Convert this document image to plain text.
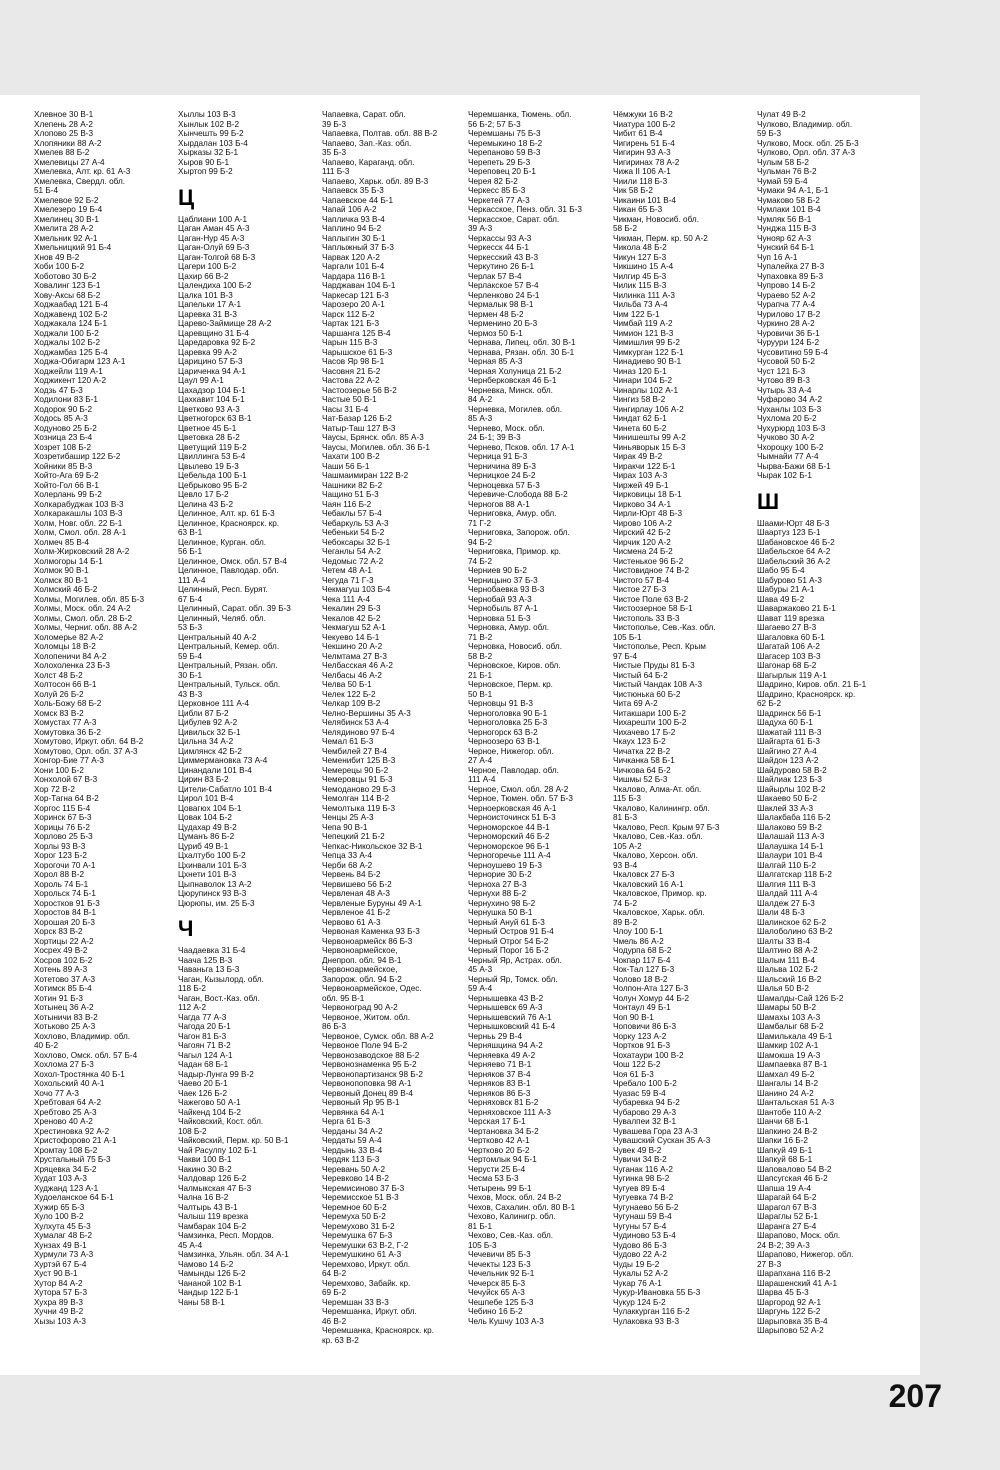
Хлевное 30 В-1
Хлепень 28 А-2
Хлопово 25 В-3
Хлопяники 88 А-2
Хмелев 88 Б-2
Хмелевицы 27 А-4
Хмелевка, Алт. кр. 61 А-3
Хмелевка, Свердл. обл.
51 Б-4
Хмелевое 92 Б-2
Хмелезеро 19 Б-4
Хмелинец 30 В-1
Хмелита 28 А-2
Хмельник 92 А-1
Хмельницкий 91 Б-4
Хнов 49 В-2
Хоби 100 Б-2
Хоботово 30 Б-2
Ховалинг 123 Б-1
Хову-Аксы 68 Б-2
Ходжаабад 121 Б-4
Ходжавенд 102 Б-2
Ходжакала 124 Б-1
Ходжали 100 Б-2
Ходжалы 102 Б-2
Ходжамбаз 125 Б-4
Ходжа-Обигарм 123 А-1
Ходжейли 119 А-1
Ходжикент 120 А-2
Ходзь 47 Б-3
Ходилони 83 Б-1
Ходорок 90 Б-2
Ходось 85 А-3
Ходуново 25 Б-2
Хозница 23 Б-4
Хозрет 108 Б-2
Хозретибашир 122 Б-2
Хойники 85 В-3
Хойто-Ага 69 Б-2
Хойто-Гол 66 В-1
Холерлань 99 Б-2
Холкарабуджак 103 В-3
Холкаракашлы 103 В-3
Холм, Новг. обл. 22 Б-1
Холм, Смол. обл. 28 А-1
Холмеч 85 В-4
Холм-Жирковский 28 А-2
Холмогоры 14 Б-1
Холмок 90 В-1
Холмск 80 В-1
Холмский 46 Б-2
Холмы, Могилев. обл. 85 Б-3
Холмы, Моск. обл. 24 А-2
Холмы, Смол. обл. 28 Б-2
Холмы, Черниг. обл. 88 А-2
Холомерье 82 А-2
Холомцы 18 В-2
Холопеничи 84 А-2
Холохоленка 23 Б-3
Холст 48 Б-2
Холтосон 66 В-1
Холуй 26 Б-2
Холь-Божу 68 Б-2
Хомск 83 В-2
Хомустах 77 А-3
Хомутовка 36 Б-2
Хомутово, Иркут. обл. 64 В-2
Хомутово, Орл. обл. 37 А-3
Хонгор-Бие 77 А-3
Хони 100 Б-2
Хонхолой 67 В-3
Хор 72 В-2
Хор-Тагна 64 В-2
Хоргос 115 Б-4
Хоринск 67 Б-3
Хорицы 76 Б-2
Хорлово 25 Б-3
Хорлы 93 В-3
Хорог 123 Б-2
Хорогочи 70 А-1
Хорол 88 В-2
Хороль 74 Б-1
Хорольск 74 Б-1
Хоростков 91 Б-3
Хоростов 84 В-1
Хорошая 20 Б-3
Хорск 83 В-2
Хортицы 22 А-2
Хосрех 49 В-2
Хосров 102 Б-2
Хотень 89 А-3
Хотетово 37 А-3
Хотимск 85 Б-4
Хотин 91 Б-3
Хотынец 36 А-2
Хотыничи 83 В-2
Хотьково 25 А-3
Хохлово, Владимир. обл.
40 Б-2
Хохлово, Омск. обл. 57 Б-4
Хохлома 27 Б-3
Хохол-Тростянка 40 Б-1
Хохольский 40 А-1
Хочо 77 А-3
Хребтовая 64 А-2
Хребтово 25 А-3
Хреново 40 А-2
Хрестиновка 92 А-2
Христофорово 21 А-1
Хромтау 108 Б-2
Хрустальный 75 Б-3
Хряцевка 34 Б-2
Худат 103 А-3
Худжанд 123 А-1
Худоеланское 64 Б-1
Хужир 65 Б-3
Хуло 100 В-2
Хулхута 45 Б-3
Хумалаг 48 Б-2
Хунзах 49 В-1
Хурмули 73 А-3
Хуртэй 67 Б-4
Хуст 90 В-1
Хутор 84 А-2
Хутора 57 Б-3
Хухра 89 В-3
Хучни 49 В-2
Хызы 103 А-3
Хыллы 103 В-3
Хынлык 102 В-2
Хынчешть 99 Б-2
Хырдалан 103 Б-4
Хырказы 32 Б-1
Хыров 90 Б-1
Хыртоп 99 Б-2
Ц
Цаблиани 100 А-1
Цаган Аман 45 А-3
Цаган-Нур 45 А-3
Цаган-Олуй 69 Б-3
Цаган-Толгой 68 Б-3
Цагери 100 Б-2
Цахир 66 В-2
Цалендиха 100 Б-2
Цалка 101 В-3
Цапельки 17 А-1
Царевка 31 В-3
Царево-Займище 28 А-2
Царевщино 31 Б-4
Царедаровка 92 Б-2
Царевка 99 А-2
Царицино 57 Б-3
Цариченка 94 А-1
Цаул 99 А-1
Цахадзор 104 Б-1
Цахкавит 104 Б-1
Цветково 93 А-3
Цветногорск 63 В-1
Цветное 45 Б-1
Цветовка 28 Б-2
Цветущий 119 Б-2
Цвиллинга 53 Б-4
Цвылево 19 Б-3
Цебельда 100 Б-1
Цебрыково 95 Б-2
Цевло 17 Б-2
Целина 43 Б-2
Целинное, Алт. кр. 61 Б-3
Целинное, Красноярск. кр.
63 В-1
Целинное, Курган. обл.
56 Б-1
Целинное, Омск. обл. 57 В-4
Целинное, Павлодар. обл.
111 А-4
Целинный, Респ. Бурят.
67 Б-4
Целинный, Сарат. обл. 39 Б-3
Целинный, Челяб. обл.
53 Б-3
Центральный 40 А-2
Центральный, Кемер. обл.
59 Б-4
Центральный, Рязан. обл.
30 Б-1
Центральный, Тульск. обл.
43 В-3
Церковное 111 А-4
Цибли 87 Б-2
Цибулев 92 А-2
Цивильск 32 Б-1
Цильна 34 А-2
Цимлянск 42 Б-2
Циммермановка 73 А-4
Цинандали 101 В-4
Цирин 83 Б-2
Цители-Сабатло 101 В-4
Цирол 101 В-4
Цовагюх 104 Б-1
Цовак 104 Б-2
Цудахар 49 В-2
Цуманъ 86 Б-2
Цуриб 49 В-1
Цхалтубо 100 Б-2
Цхинвали 101 Б-3
Цхнети 101 В-3
Цыпнаволок 13 А-2
Цюрупинск 93 В-3
Цюрюпы, им. 25 Б-3
Ч
Чаадаевка 31 Б-4
Чаача 125 В-3
Чаваньга 13 Б-3
Чаган, Кызылорд. обл.
118 Б-2
Чаган, Вост.-Каз. обл.
112 А-2
Чагда 77 А-3
Чагода 20 Б-1
Чагон 81 Б-3
Чагоян 71 В-2
Чагыл 124 А-1
Чадан 68 Б-1
Чадыр-Лунга 99 В-2
Чаево 20 Б-1
Чаек 126 Б-2
Чажегово 50 А-1
Чайкенд 104 Б-2
Чайковский, Кост. обл.
108 Б-2
Чайковский, Перм. кр. 50 В-1
Чай Расулпу 102 Б-1
Чакви 100 В-1
Чакино 30 В-2
Чалдовар 126 Б-2
Чалмыкская 47 Б-3
Чална 16 В-2
Чалтырь 43 В-1
Чалыш 119 врезка
Чамбарак 104 Б-2
Чамзинка, Респ. Мордов.
45 А-4
Чамзинка, Ульян. обл. 34 А-1
Чамово 14 Б-2
Чамынды 126 Б-2
Чананой 102 В-1
Чандыр 122 Б-1
Чаны 58 В-1
Чапаевка, Сарат. обл.
39 Б-3
Чапаевка, Полтав. обл. 88 В-2
Чапаево, Зап.-Каз. обл.
35 Б-3
Чапаево, Караганд. обл.
111 Б-3
Чапаево, Харьк. обл. 89 В-3
Чапаевск 35 Б-3
Чапаевское 44 Б-1
Чапай 106 А-2
Чапличка 93 В-4
Чаплино 94 Б-2
Чаплыгин 30 Б-1
Чаплыжный 37 Б-3
Чарвак 120 А-2
Чаргали 101 Б-4
Чардара 116 В-1
Чарджаван 104 Б-1
Чаркесар 121 Б-3
Чарозеро 20 А-1
Чарск 112 Б-2
Чартак 121 Б-3
Чаршанга 125 В-4
Чарын 115 В-3
Чарышское 61 Б-3
Часов Яр 98 Б-1
Часовня 21 Б-2
Частова 22 А-2
Частоозерье 56 В-2
Частые 50 В-1
Часы 31 Б-4
Чат-Базар 126 Б-2
Чатыр-Таш 127 В-3
Чаусы, Брянск. обл. 85 А-3
Чаусы, Могилев. обл. 36 Б-1
Чахати 100 В-2
Чаши 56 Б-1
Чашмаимиран 122 В-2
Чашники 82 Б-2
Чащино 51 Б-3
Чаян 116 Б-2
Чебаклы 57 Б-4
Чебаркуль 53 А-3
Чебеньки 54 Б-2
Чебоксары 32 Б-1
Чеганлы 54 А-2
Чедомыс 72 А-2
Четем 48 А-1
Чегуда 71 Г-3
Чекмагуш 103 Б-4
Чека 111 А-4
Чекалин 29 Б-3
Чекалов 42 Б-2
Чекмагуш 52 А-1
Чекуево 14 Б-1
Чекшино 20 А-2
Челмтама 27 В-3
Челбасская 46 А-2
Челбасы 46 А-2
Челва 50 Б-1
Челек 122 Б-2
Челкар 109 В-2
Челно-Вершины 35 А-3
Челябинск 53 А-4
Челядиново 97 Б-4
Чемал 61 Б-3
Чембилей 27 В-4
Чеменибит 125 В-3
Чемерецы 90 Б-2
Чемеровцы 91 Б-3
Чемоданово 29 Б-3
Чемолган 114 В-2
Чемолтыка 119 Б-3
Ченцы 25 А-3
Чепа 90 В-1
Чепецкий 21 Б-2
Чепкас-Никольское 32 В-1
Чепца 33 А-4
Черби 68 А-2
Червень 84 Б-2
Червишево 56 Б-2
Червленая 48 А-3
Червленые Буруны 49 А-1
Червленое 41 Б-2
Червово 61 А-3
Червоная Каменка 93 Б-3
Червоноармейск 86 Б-3
Червоноармейское,
Днепроп. обл. 94 В-1
Червоноармейское,
Запорож. обл. 94 Б-2
Червоноармейское, Одес.
обл. 95 В-1
Червоноград 90 А-2
Червоное, Житом. обл.
86 Б-3
Червоное, Сумск. обл. 88 А-2
Червоное Поле 94 Б-2
Червонозаводское 88 Б-2
Червонознаменка 95 Б-2
Червонопартизанск 98 Б-2
Червонопоповка 98 А-1
Червоный Донец 89 В-4
Червоный Яр 95 В-1
Червянка 64 А-1
Черга 61 Б-3
Черданы 34 А-2
Чердаты 59 А-4
Чердынь 33 В-4
Чердяк 113 Б-3
Черевань 50 А-2
Черевково 14 В-2
Черемисиново 37 Б-3
Черемисское 51 В-3
Черемное 60 Б-2
Черемуха 50 Б-2
Черемухово 31 Б-2
Черемушка 67 Б-3
Черемушки 63 В-2, Г-2
Черемушкино 61 А-3
Черемхово, Иркут. обл.
64 В-2
Черемхово, Забайк. кр.
69 Б-2
Черемшан 33 В-3
Черемшанка, Иркут. обл.
46 В-2
Черемшанка, Красноярск. кр.
кр. 63 В-2
Черемшанка, Тюмень. обл.
56 Б-2; 57 Б-3
Черемшаны 75 Б-3
Черемыкино 18 Б-2
Черепаново 59 В-3
Черепеть 29 Б-3
Череповец 20 Б-1
Черея 82 Б-2
Черкесс 85 Б-3
Черкетей 77 А-3
Черкасское, Пенз. обл. 31 Б-3
Черкасское, Сарат. обл.
39 А-3
Черкассы 93 А-3
Черкесск 44 Б-1
Черкесский 43 В-3
Черкутино 26 Б-1
Черлак 57 В-4
Черлакское 57 В-4
Черленково 24 Б-1
Чермалык 98 В-1
Чермен 48 Б-2
Черменино 20 Б-3
Чермоз 50 Б-1
Чернава, Липец. обл. 30 В-1
Чернава, Рязан. обл. 30 Б-1
Черная 85 А-3
Черная Холуница 21 Б-2
Чернберковская 46 Б-1
Черневка, Минск. обл.
84 А-2
Черневка, Могилев. обл.
85 А-3
Чернево, Моск. обл.
24 Б-1; 39 В-3
Чернево, Псков. обл. 17 А-1
Черница 91 Б-3
Черничина 89 Б-3
Черницкое 24 Б-2
Черноцевка 57 Б-3
Черевиче-Слобода 88 Б-2
Черногов 88 А-1
Черниговка, Амур. обл.
71 Г-2
Черниговка, Запорож. обл.
94 Б-2
Черниговка, Примор. кр.
74 Б-2
Черниев 90 Б-2
Черницыно 37 Б-3
Чернобаевка 93 В-3
Чернобай 93 А-3
Чернобыль 87 А-1
Черновка 51 Б-3
Черновка, Амур. обл.
71 В-2
Черновка, Новосиб. обл.
58 В-2
Черновское, Киров. обл.
21 Б-1
Черновское, Перм. кр.
50 В-1
Черновцы 91 В-3
Черноголовка 90 Б-1
Черноголовка 25 Б-3
Черногорск 63 В-2
Черноозеро 63 В-1
Черное, Нижегор. обл.
27 А-4
Черное, Павлодар. обл.
111 А-4
Черное, Смол. обл. 28 А-2
Черное, Тюмен. обл. 57 Б-3
Черноерковская 46 А-1
Черноисточинск 51 Б-3
Черноморское 44 В-1
Черноморский 46 Б-2
Черноморское 96 Б-1
Черногоречье 111 А-4
Черноушево 19 Б-3
Чернорие 30 Б-2
Черноха 27 В-3
Чернухи 88 Б-2
Чернухино 98 Б-2
Чернушка 50 В-1
Черный Ануй 61 Б-3
Черный Остров 91 Б-4
Черный Отрог 54 Б-2
Черный Порог 16 Б-2
Черный Яр, Астрах. обл.
45 А-3
Черный Яр, Томск. обл.
59 А-4
Чернышевка 43 В-2
Чернышевск 69 А-3
Чернышевский 76 А-1
Чернышковский 41 Б-4
Черньь 29 В-4
Черняшцина 94 А-2
Черняевка 49 А-2
Черняево 71 В-1
Черняков 37 В-4
Черняков 83 В-1
Черняков 86 Б-3
Черняховск 81 Б-2
Черняховское 111 А-3
Черская 17 Б-1
Чертановка 34 Б-2
Чертково 42 А-1
Чертково 20 Б-2
Чертомлык 94 Б-1
Черусти 25 Б-4
Чесма 53 Б-3
Четырень 99 Б-1
Чехов, Моск. обл. 24 В-2
Чехов, Сахалин. обл. 80 В-1
Чехово, Калинигр. обл.
81 Б-1
Чехово, Сев.-Каз. обл.
105 Б-3
Чечевичи 85 Б-3
Чечекты 123 Б-3
Чечельник 92 Б-1
Чечерск 85 Б-3
Чечуйск 65 А-3
Чешпебе 125 Б-3
Чебино 16 Б-2
Чель Кушчу 103 А-3
Чёмжуки 16 В-2
Чиатура 100 Б-2
Чибит 61 В-4
Чигирень 51 Б-4
Чигирин 93 А-3
Чигиринах 78 А-2
Чижа II 106 А-1
Чиили 118 Б-3
Чик 58 Б-2
Чикаини 101 В-4
Чикан 65 Б-3
Чикман, Новосиб. обл.
58 Б-2
Чикман, Перм. кр. 50 А-2
Чикола 48 Б-2
Чикун 127 Б-3
Чикшино 15 А-4
Чилгир 45 Б-3
Чилик 115 В-3
Чилинка 111 А-3
Чильба 73 А-4
Чим 122 Б-1
Чимбай 119 А-2
Чимион 121 В-3
Чимишлия 99 Б-2
Чимкурган 122 Б-1
Чинадиево 90 В-1
Чиназ 120 Б-1
Чинари 104 Б-2
Чинарлы 102 А-1
Чингиз 58 В-2
Чингирлау 106 А-2
Чиндат 62 Б-1
Чинета 60 Б-2
Чинишешты 99 А-2
Чиньяворык 15 Б-3
Чирак 49 В-2
Чиракчи 122 Б-1
Чирах 103 А-3
Чиржей 49 Б-1
Чирковицы 18 Б-1
Чирково 34 А-1
Чирли-Юрт 48 Б-3
Чирово 106 А-2
Чирский 42 Б-2
Чирчик 120 А-2
Чисмена 24 Б-2
Чистенькое 96 Б-2
Чистовидное 74 В-2
Чистого 57 В-4
Чистое 27 Б-3
Чистое Поле 63 В-2
Чистоозерное 58 Б-1
Чистополь 33 В-3
Чистополье, Сев.-Каз. обл.
105 Б-1
Чистополье, Респ. Крым
97 Б-4
Чистые Пруды 81 Б-3
Чистый 64 Б-2
Чистый Чандак 108 А-3
Чистюнька 60 Б-2
Чита 69 А-2
Читакшари 100 Б-2
Чихарешти 100 Б-2
Чихачево 17 Б-2
Чкаух 123 Б-2
Чичатка 22 В-2
Чичканка 58 Б-1
Чичкова 64 Б-2
Чишмы 52 Б-3
Чкалово, Алма-Ат. обл.
115 Б-3
Чкалово, Калинингр. обл.
81 Б-3
Чкалово, Респ. Крым 97 Б-3
Чкалово, Сев.-Каз. обл.
105 А-2
Чкалово, Херсон. обл.
93 В-4
Чкаловск 27 Б-3
Чкаловский 16 А-1
Чкаловское, Примор. кр.
74 Б-2
Чкаловское, Харьк. обл.
89 В-2
Члоу 100 Б-1
Чмель 86 А-2
Чодурпа 68 Б-2
Чокпар 117 Б-4
Чок-Тал 127 Б-3
Чолово 18 В-2
Чолпон-Ата 127 Б-3
Чолун Хомур 44 Б-2
Чонтаул 49 Б-1
Чоп 90 В-1
Чоповичи 86 Б-3
Чорку 123 А-2
Чортков 91 Б-3
Чохатаури 100 В-2
Чош 122 Б-2
Чоя 61 Б-3
Чребало 100 Б-2
Чуазас 59 В-4
Чубаревка 94 Б-2
Чубарово 29 А-3
Чувалпеи 32 В-1
Чувашева Гора 23 А-3
Чувашский Сускан 35 А-3
Чувек 49 В-2
Чувичи 34 В-2
Чуганак 116 А-2
Чугинка 98 Б-2
Чугуев 89 Б-4
Чугуевка 74 В-2
Чугунаево 56 Б-2
Чугунаш 59 В-4
Чугуны 57 Б-4
Чудиново 53 Б-4
Чудово 86 Б-3
Чудово 22 А-2
Чуды 19 Б-2
Чукалы 52 А-2
Чукар 76 А-1
Чукур-Ивановка 55 Б-3
Чукур 124 Б-2
Чулаккурган 116 Б-2
Чулаковка 93 В-3
Чулат 49 В-2
Чулково, Владимир. обл.
59 Б-3
Чулково, Моск. обл. 25 Б-3
Чулково, Орл. обл. 37 А-3
Чулым 58 Б-2
Чульман 76 В-2
Чумай 59 Б-4
Чумаки 94 А-1, Б-1
Чумаково 58 Б-2
Чумлаки 101 В-4
Чумляк 56 В-1
Чунджа 115 В-3
Чунояр 62 А-3
Чунский 64 Б-1
Чуп 16 А-1
Чупалейка 27 В-3
Чупаховка 89 Б-3
Чупрово 14 Б-2
Чураево 52 А-2
Чурапча 77 А-4
Чурилово 17 В-2
Чуркино 28 А-2
Чуровичи 36 Б-1
Чуруури 124 Б-2
Чусовитино 59 Б-4
Чусовой 50 Б-2
Чуст 121 Б-3
Чутово 89 В-3
Чутырь 33 А-4
Чуфарово 34 А-2
Чуханлы 103 Б-3
Чухлома 20 Б-2
Чухурюрд 103 Б-3
Чучково 30 А-2
Чхороцку 100 Б-2
Чымнайи 77 А-4
Чырва-Бажи 68 Б-1
Чырак 102 Б-1
Ш
Шаами-Юрт 48 Б-3
Шаартуз 123 Б-1
Шабановское 46 Б-2
Шабельское 64 А-2
Шабельский 36 А-2
Шабо 95 Б-4
Шабурово 51 А-3
Шабуры 21 А-1
Шава 49 Б-2
Шаваржаково 21 Б-1
Шават 119 врезка
Шагаево 27 В-3
Шагаловка 60 Б-1
Шагатай 106 А-2
Шагасер 103 В-3
Шагонар 68 Б-2
Шагырлык 119 А-1
Шадрино, Киров. обл. 21 Б-1
Шадрино, Красноярск. кр.
62 Б-2
Шадринск 56 Б-1
Шадуха 60 Б-1
Шажатай 111 В-3
Шайгарта 61 Б-3
Шайгино 27 А-4
Шайдон 123 А-2
Шайдурово 58 В-2
Шайлиак 123 Б-3
Шайырлы 102 В-2
Шакаево 50 Б-2
Шаклей 33 А-3
Шалакбаба 116 Б-2
Шалаково 59 В-2
Шалашай 113 А-3
Шалаушка 14 Б-1
Шалаури 101 В-4
Шалгай 110 Б-2
Шалгатскар 118 Б-2
Шалгия 111 В-3
Шалдай 111 А-4
Шалдеж 27 Б-3
Шали 48 Б-3
Шалинское 62 Б-2
Шалоболино 63 В-2
Шалты 33 В-4
Шалтино 88 А-2
Шалым 111 В-4
Шальва 102 Б-2
Шальский 16 В-2
Шалья 50 В-2
Шамалды-Сай 126 Б-2
Шамары 50 В-2
Шамахы 103 А-3
Шамбалыг 68 Б-2
Шамилькала 49 Б-1
Шамкир 102 А-1
Шамокша 19 А-3
Шампаевка 87 В-1
Шамхал 49 Б-2
Шангалы 14 В-2
Шанино 24 А-2
Шантальская 51 А-3
Шантобе 110 А-2
Шанчи 68 Б-1
Шапкино 24 В-2
Шапки 16 Б-2
Шапкуй 49 Б-1
Шапкуй 68 Б-1
Шаповалово 54 В-2
Шапсугская 46 Б-2
Шапша 19 А-4
Шарагай 64 Б-2
Шарагол 67 В-3
Шараглы 52 Б-1
Шаранга 27 Б-4
Шарапово, Моск. обл.
24 В-2; 39 А-3
Шарапово, Нижегор. обл.
27 В-3
Шарапхана 116 В-2
Шарашенский 41 А-1
Шарва 45 Б-3
Шаргород 92 А-1
Шаргунь 122 Б-2
Шарыповка 35 В-4
Шарыпово 52 А-2
207
